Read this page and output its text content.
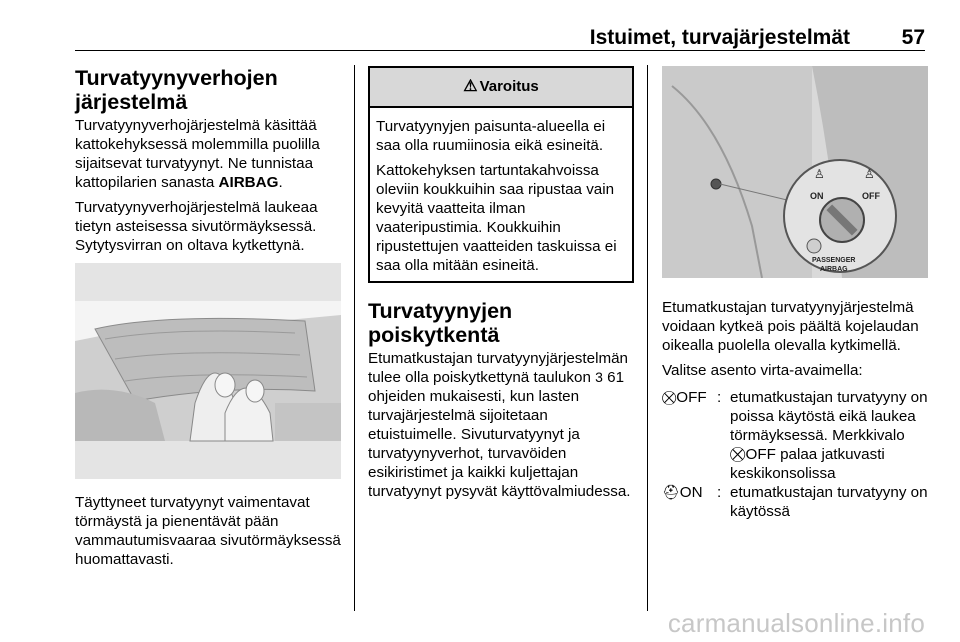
Istuimet, turvajärjestelmät 57
Turvatyynyverhojen järjestelmä

Turvatyynyverhojärjestelmä käsittää kattokehyksessä molemmilla puolilla sijaitsevat turvatyynyt. Ne tunnistaa kattopilarien sanasta AIRBAG.

Turvatyynyverhojärjestelmä laukeaa tietyn asteisessa sivutörmäyksessä. Sytytysvirran on oltava kytkettynä.

Täyttyneet turvatyynyt vaimentavat törmäystä ja pienentävät pään vammautumisvaaraa sivutörmäyksessä huomattavasti.

⚠ Varoitus

Turvatyynyjen paisunta-alueella ei saa olla ruumiinosia eikä esineitä.

Kattokehyksen tartuntakahvoissa oleviin koukkuihin saa ripustaa vain kevyitä vaatteita ilman vaateripustimia. Koukkuihin ripustettujen vaatteiden taskuissa ei saa olla mitään esineitä.

Turvatyynyjen poiskytkentä

Etumatkustajan turvatyynyjärjestelmän tulee olla poiskytkettynä taulukon 3 61 ohjeiden mukaisesti, kun lasten turvajärjestelmä sijoitetaan etuistuimelle. Sivuturvatyynyt ja turvatyynyverhot, turvavöiden esikiristimet ja kaikki kuljettajan turvatyynyt pysyvät käyttövalmiudessa.

ON	OFF
PASSENGER
AIRBAG
♙	♙

Etumatkustajan turvatyynyjärjestelmä voidaan kytkeä pois päältä kojelaudan oikealla puolella olevalla kytkimellä.

Valitse asento virta-avaimella:

⛒OFF : etumatkustajan turvatyyny on poissa käytöstä eikä laukea törmäyksessä. Merkkivalo ⛒OFF palaa jatkuvasti keskikonsolissa
⛑ON : etumatkustajan turvatyyny on käytössä
carmanualsonline.info
